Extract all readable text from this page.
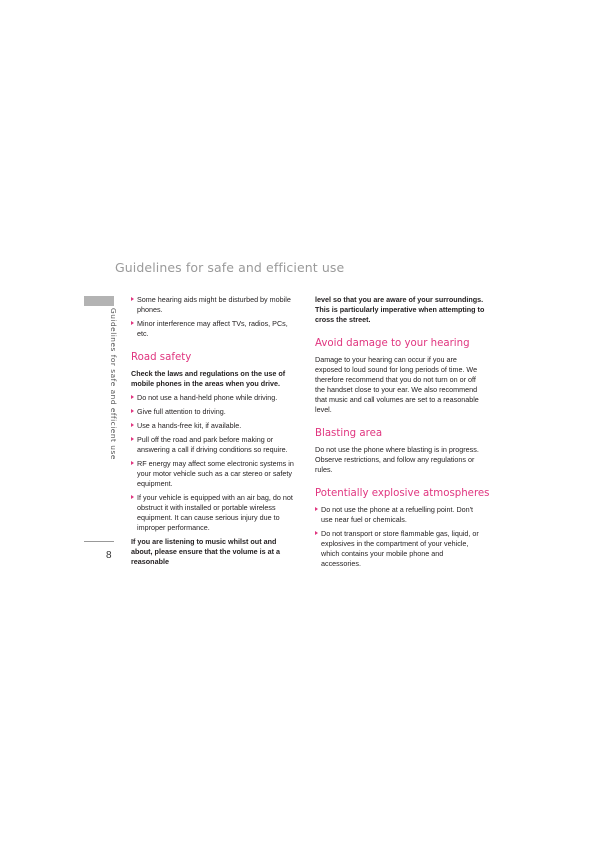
Guidelines for safe and efficient use
Guidelines for safe and efficient use
8
Some hearing aids might be disturbed by mobile phones.
Minor interference may affect TVs, radios, PCs, etc.
Road safety

Check the laws and regulations on the use of mobile phones in the areas when you drive.

Do not use a hand-held phone while driving.
Give full attention to driving.
Use a hands-free kit, if available.
Pull off the road and park before making or answering a call if driving conditions so require.
RF energy may affect some electronic systems in your motor vehicle such as a car stereo or safety equipment.
If your vehicle is equipped with an air bag, do not obstruct it with installed or portable wireless equipment. It can cause serious injury due to improper performance.

If you are listening to music whilst out and about, please ensure that the volume is at a reasonable

level so that you are aware of your surroundings. This is particularly imperative when attempting to cross the street.

Avoid damage to your hearing

Damage to your hearing can occur if you are exposed to loud sound for long periods of time. We therefore recommend that you do not turn on or off the handset close to your ear. We also recommend that music and call volumes are set to a reasonable level.

Blasting area

Do not use the phone where blasting is in progress. Observe restrictions, and follow any regulations or rules.

Potentially explosive atmospheres
Do not use the phone at a refuelling point. Don't use near fuel or chemicals.
Do not transport or store flammable gas, liquid, or explosives in the compartment of your vehicle, which contains your mobile phone and accessories.
